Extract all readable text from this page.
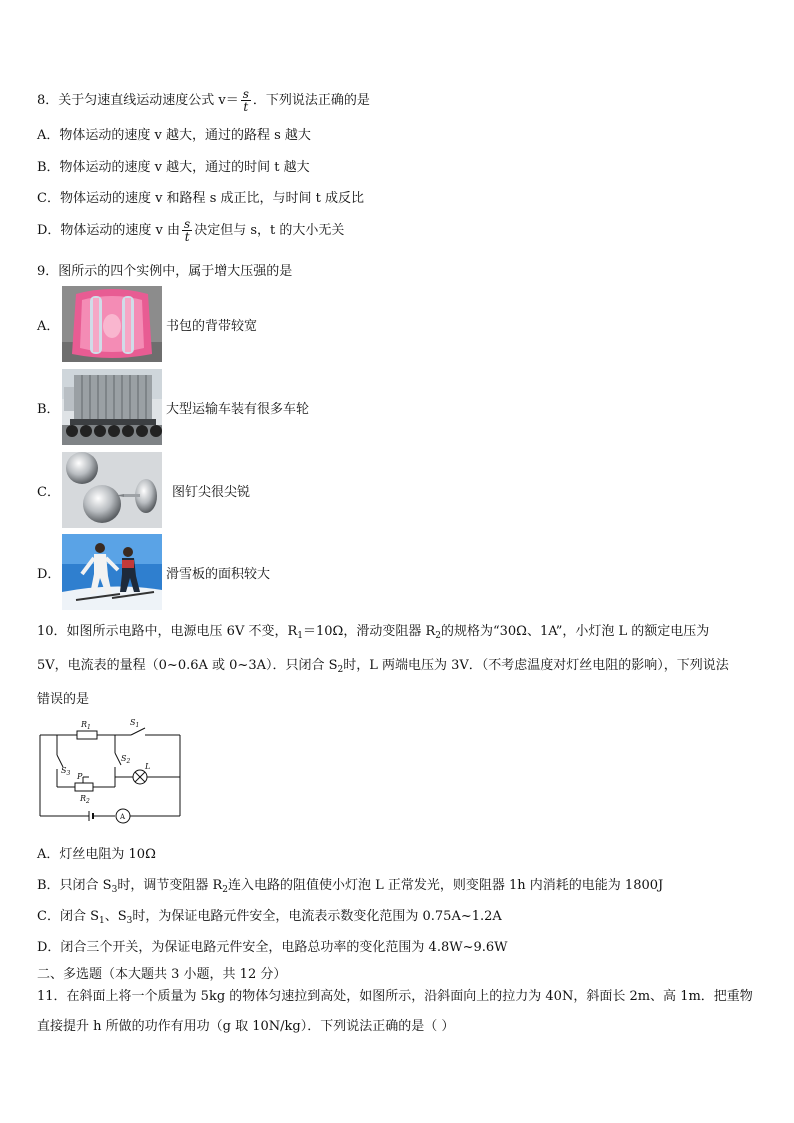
8．关于匀速直线运动速度公式 $v= \frac{s}{t}$ ．下列说法正确的是
A．物体运动的速度 v 越大，通过的路程 s 越大
B．物体运动的速度 v 越大，通过的时间 t 越大
C．物体运动的速度 v 和路程 s 成正比，与时间 t 成反比
D．物体运动的速度 v 由 $\frac{s}{t}$ 决定但与 s，t 的大小无关
9．图所示的四个实例中，属于增大压强的是
A．	书包的背带较宽
B．	大型运输车装有很多车轮
C．	图钉尖很尖锐
D．	滑雪板的面积较大
10．如图所示电路中，电源电压 6V 不变，$R_1=10\Omega$，滑动变阻器 $R_2$的规格为“30Ω、1A”，小灯泡 L 的额定电压为
5V，电流表的量程（0~0.6A 或 0~3A）．只闭合 $S_2$时，L 两端电压为 3V．（不考虑温度对灯丝电阻的影响），下列说法
错误的是
$R_1$
$S_1$
$S_3$
$S_2$
P
$R_2$
L
A
A．灯丝电阻为 10Ω
B．只闭合 $S_3$时，调节变阻器 $R_2$连入电路的阻值使小灯泡 L 正常发光，则变阻器 1h 内消耗的电能为 1800J
C．闭合 $S_1$、$S_3$时，为保证电路元件安全，电流表示数变化范围为 0.75A~1.2A
D．闭合三个开关，为保证电路元件安全，电路总功率的变化范围为 4.8W~9.6W
二、多选题（本大题共 3 小题，共 12 分）
11．在斜面上将一个质量为 5kg 的物体匀速拉到高处，如图所示，沿斜面向上的拉力为 40N，斜面长 2m、高 1m．把重物直接提升 h 所做的功作有用功（g 取 10N/kg）．下列说法正确的是（ ）
